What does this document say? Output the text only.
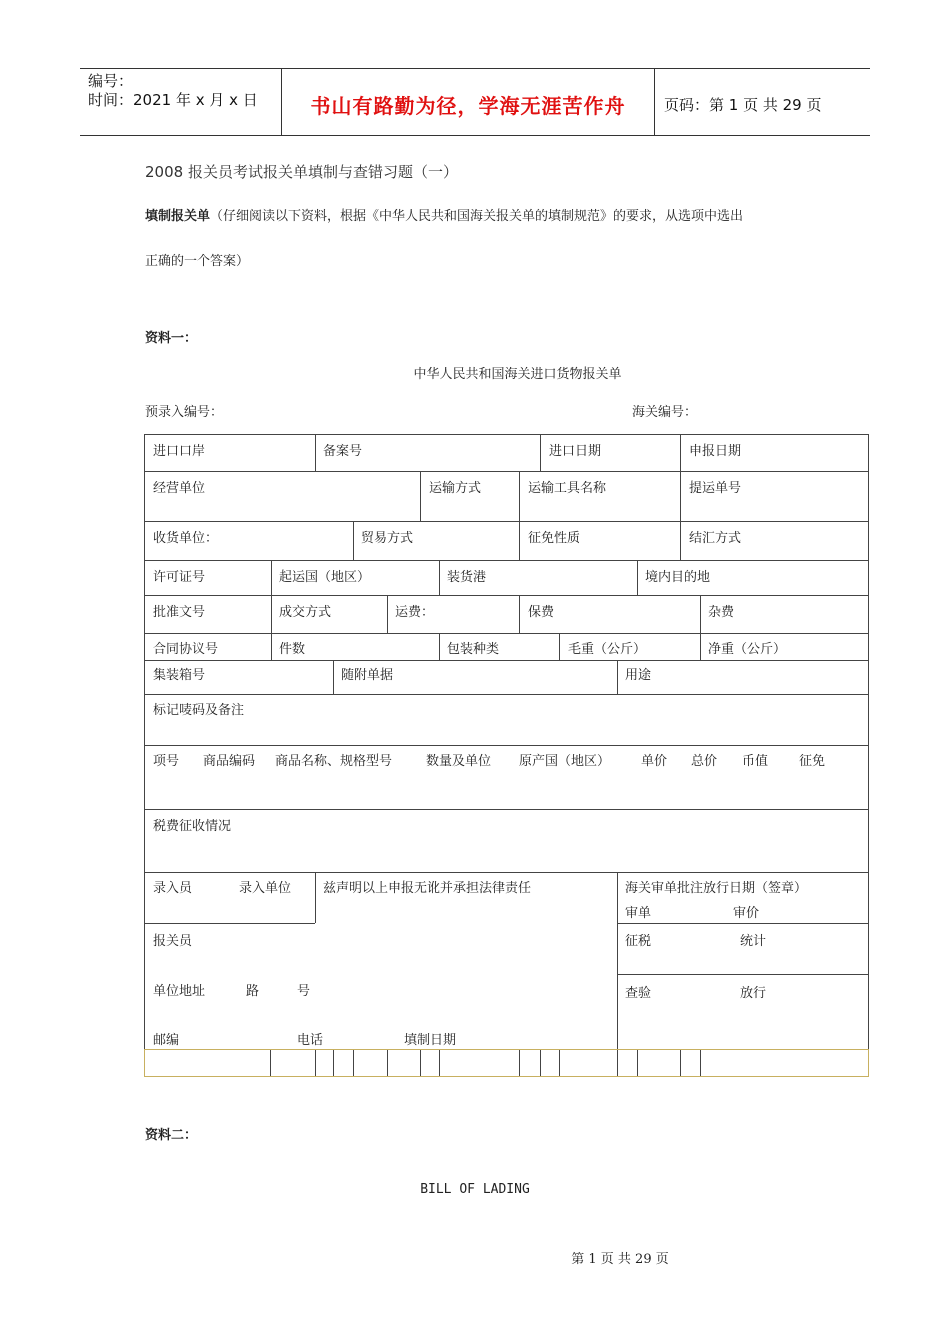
编号：
时间：2021 年 x 月 x 日	书山有路勤为径，学海无涯苦作舟	页码：第 1 页 共 29 页
2008 报关员考试报关单填制与查错习题（一）
填制报关单（仔细阅读以下资料，根据《中华人民共和国海关报关单的填制规范》的要求，从选项中选出
正确的一个答案）
资料一：
中华人民共和国海关进口货物报关单
预录入编号：	海关编号：
进口口岸	备案号	进口日期	申报日期
经营单位	运输方式	运输工具名称	提运单号
收货单位：	贸易方式	征免性质	结汇方式
许可证号	起运国（地区）	装货港	境内目的地
批准文号	成交方式	运费：	保费	杂费
合同协议号	件数	包装种类	毛重（公斤）	净重（公斤）
集装箱号	随附单据	用途
标记唛码及备注
项号 商品编码 商品名称、规格型号	数量及单位 原产国（地区） 单价 总价 币值 征免
税费征收情况
录入员	录入单位 兹声明以上申报无讹并承担法律责任	海关审单批注放行日期（签章）
审单	审价
报关员	征税	统计
单位地址	路	号	查验	放行
邮编	电话	填制日期
资料二：
BILL OF LADING
第 1 页 共 29 页
